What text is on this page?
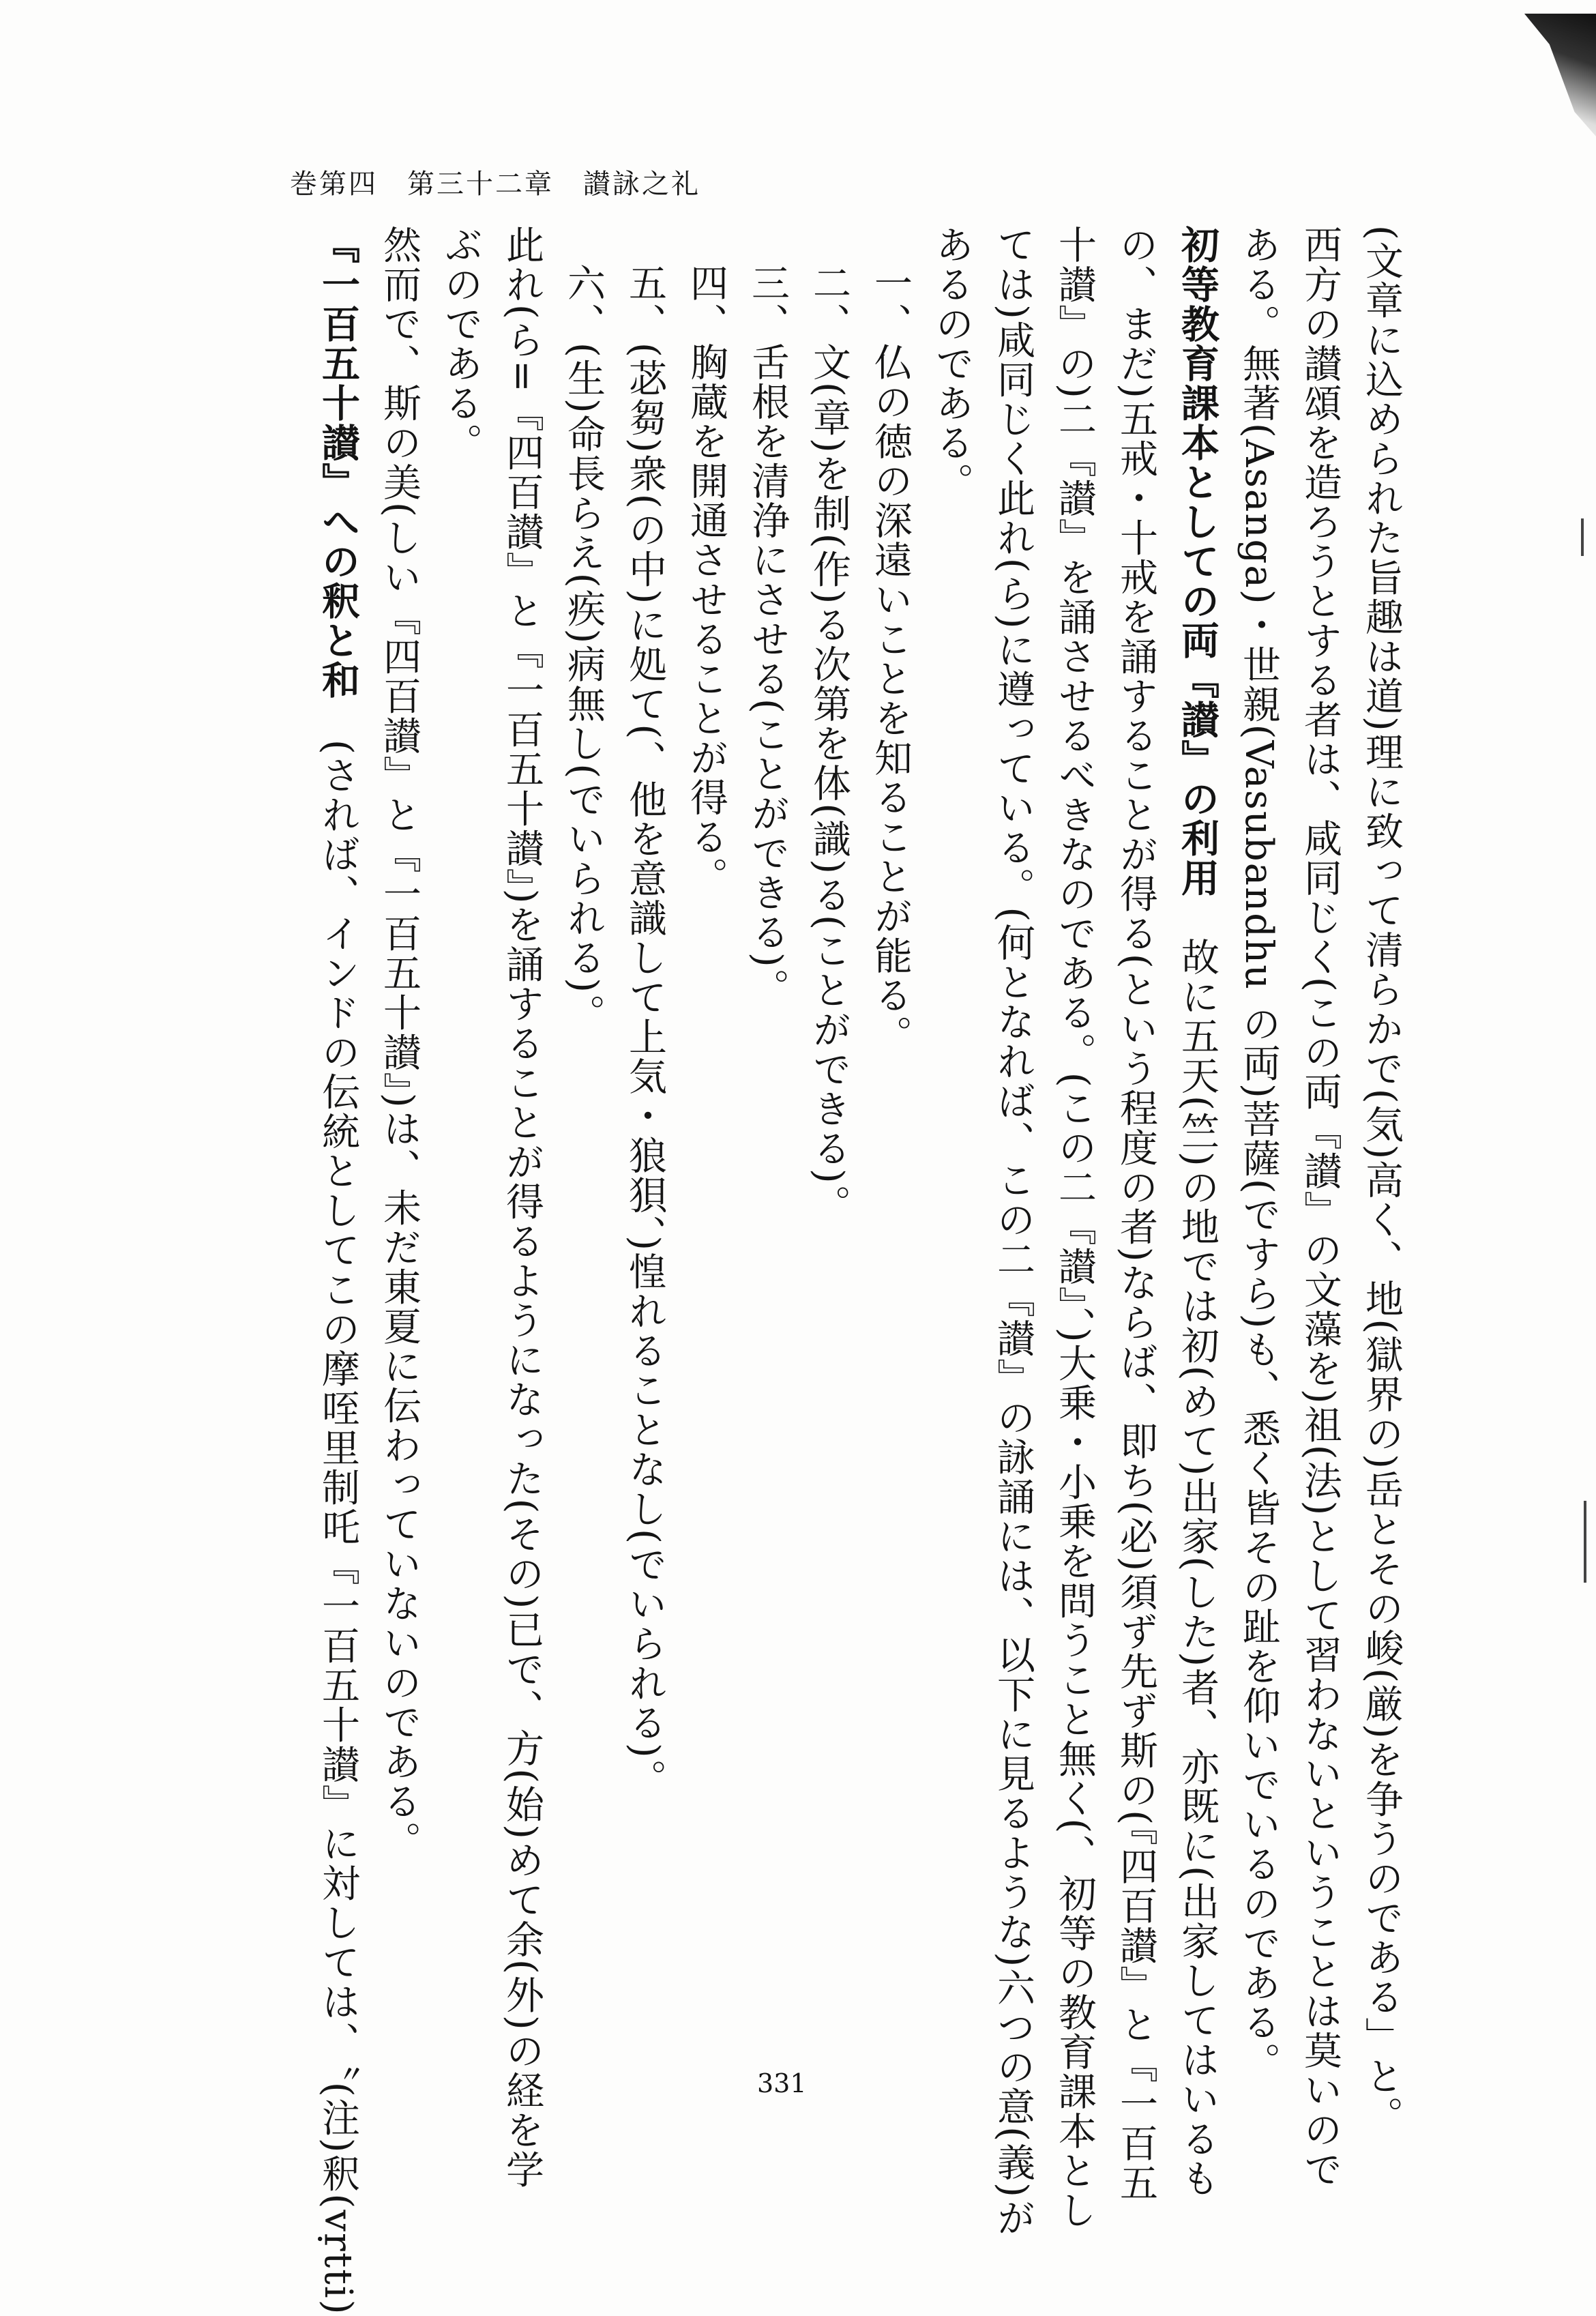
巻第四　第三十二章　讃詠之礼
(文章に込められた旨趣は道)理に致って清らかで(気)高く、地(獄界の)岳とその峻(厳)を争うのである」と。
西方の讃頌を造ろうとする者は、咸同じく(この両『讃』の文藻を)祖(法)として習わないということは莫いので
ある。無著(Asanga)・世親(Vasubandhu の両)菩薩(ですら)も、悉く皆その趾を仰いでいるのである。
初等教育課本としての両『讃』の利用　故に五天(竺)の地では初(めて)出家(した)者、亦既に(出家してはいるも
の、まだ)五戒・十戒を誦することが得る(という程度の者)ならば、即ち(必)須ず先ず斯の(『四百讃』と『一百五
十讃』の)二『讃』を誦させるべきなのである。(この二『讃』、)大乗・小乗を問うこと無く(、初等の教育課本とし
ては)咸同じく此れ(ら)に遵っている。(何となれば、この二『讃』の詠誦には、以下に見るような)六つの意(義)が
あるのである。
一、仏の徳の深遠いことを知ることが能る。
二、文(章)を制(作)る次第を体(識)る(ことができる)。
三、舌根を清浄にさせる(ことができる)。
四、胸蔵を開通させることが得る。
五、(苾芻)衆(の中)に処て(、他を意識して上気・狼狽、)惶れることなし(でいられる)。
六、(生)命長らえ(疾)病無し(でいられる)。
此れ(ら=『四百讃』と『一百五十讃』)を誦することが得るようになった(その)已で、方(始)めて余(外)の経を学
ぶのである。
然而で、斯の美(しい『四百讃』と『一百五十讃』)は、未だ東夏に伝わっていないのである。
『一百五十讃』への釈と和　(されば、インドの伝統としてこの摩咥里制吒『一百五十讃』に対しては、〝(注)釈(vṛtti)	331
